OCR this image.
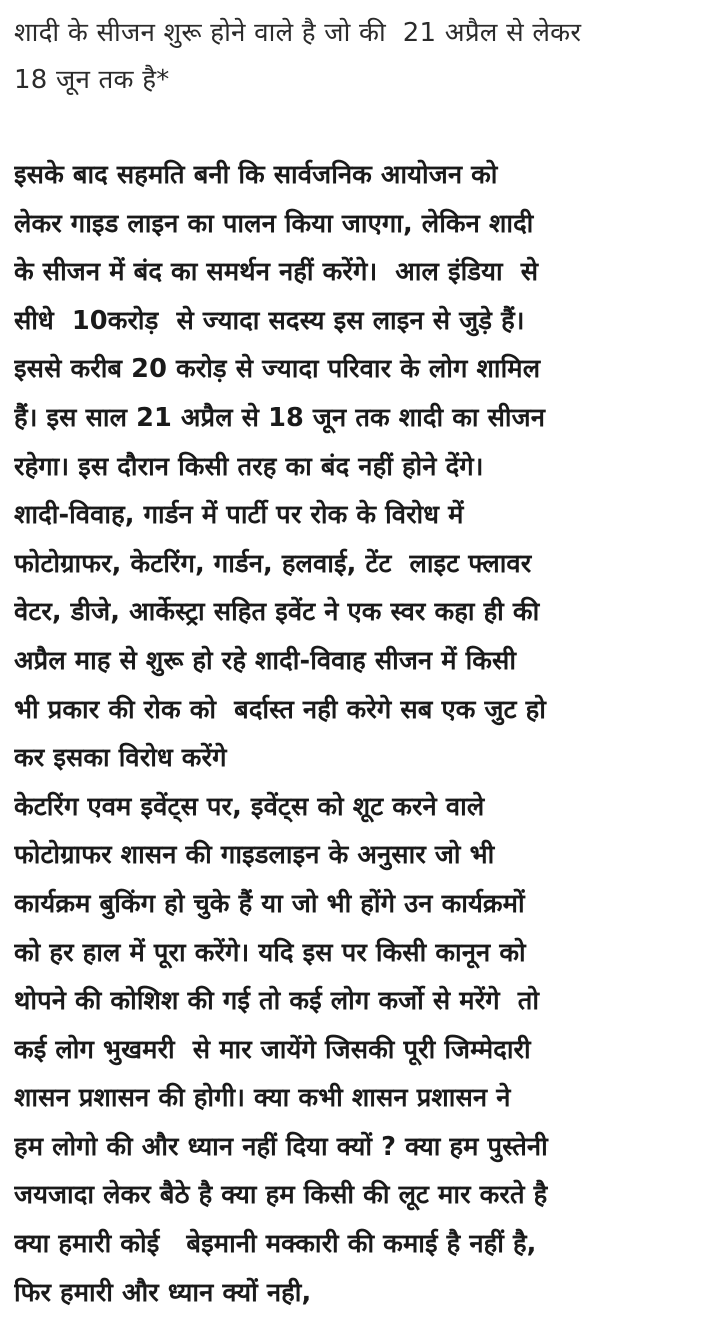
शादी के सीजन शुरू होने वाले है जो की  21 अप्रैल से लेकर
18 जून तक है*
इसके बाद सहमति बनी कि सार्वजनिक आयोजन को
लेकर गाइड लाइन का पालन किया जाएगा, लेकिन शादी
के सीजन में बंद का समर्थन नहीं करेंगे।  आल इंडिया  से
सीधे  10करोड़  से ज्यादा सदस्य इस लाइन से जुड़े हैं।
इससे करीब 20 करोड़ से ज्यादा परिवार के लोग शामिल
हैं। इस साल 21 अप्रैल से 18 जून तक शादी का सीजन
रहेगा। इस दौरान किसी तरह का बंद नहीं होने देंगे।
शादी-विवाह, गार्डन में पार्टी पर रोक के विरोध में
फोटोग्राफर, केटरिंग, गार्डन, हलवाई, टेंट  लाइट फ्लावर
वेटर, डीजे, आर्केस्ट्रा सहित इवेंट ने एक स्वर कहा ही की
अप्रैल माह से शुरू हो रहे शादी-विवाह सीजन में किसी
भी प्रकार की रोक को  बर्दास्त नही करेगे सब एक जुट हो
कर इसका विरोध करेंगे
केटरिंग एवम इवेंट्स पर, इवेंट्स को शूट करने वाले
फोटोग्राफर शासन की गाइडलाइन के अनुसार जो भी
कार्यक्रम बुकिंग हो चुके हैं या जो भी होंगे उन कार्यक्रमों
को हर हाल में पूरा करेंगे। यदि इस पर किसी कानून को
थोपने की कोशिश की गई तो कई लोग कर्जो से मरेंगे  तो
कई लोग भुखमरी  से मार जायेंगे जिसकी पूरी जिम्मेदारी
शासन प्रशासन की होगी। क्या कभी शासन प्रशासन ने
हम लोगो की और ध्यान नहीं दिया क्यों ? क्या हम पुस्तेनी
जयजादा लेकर बैठे है क्या हम किसी की लूट मार करते है
क्या हमारी कोई   बेइमानी मक्कारी की कमाई है नहीं है,
फिर हमारी और ध्यान क्यों नही,
